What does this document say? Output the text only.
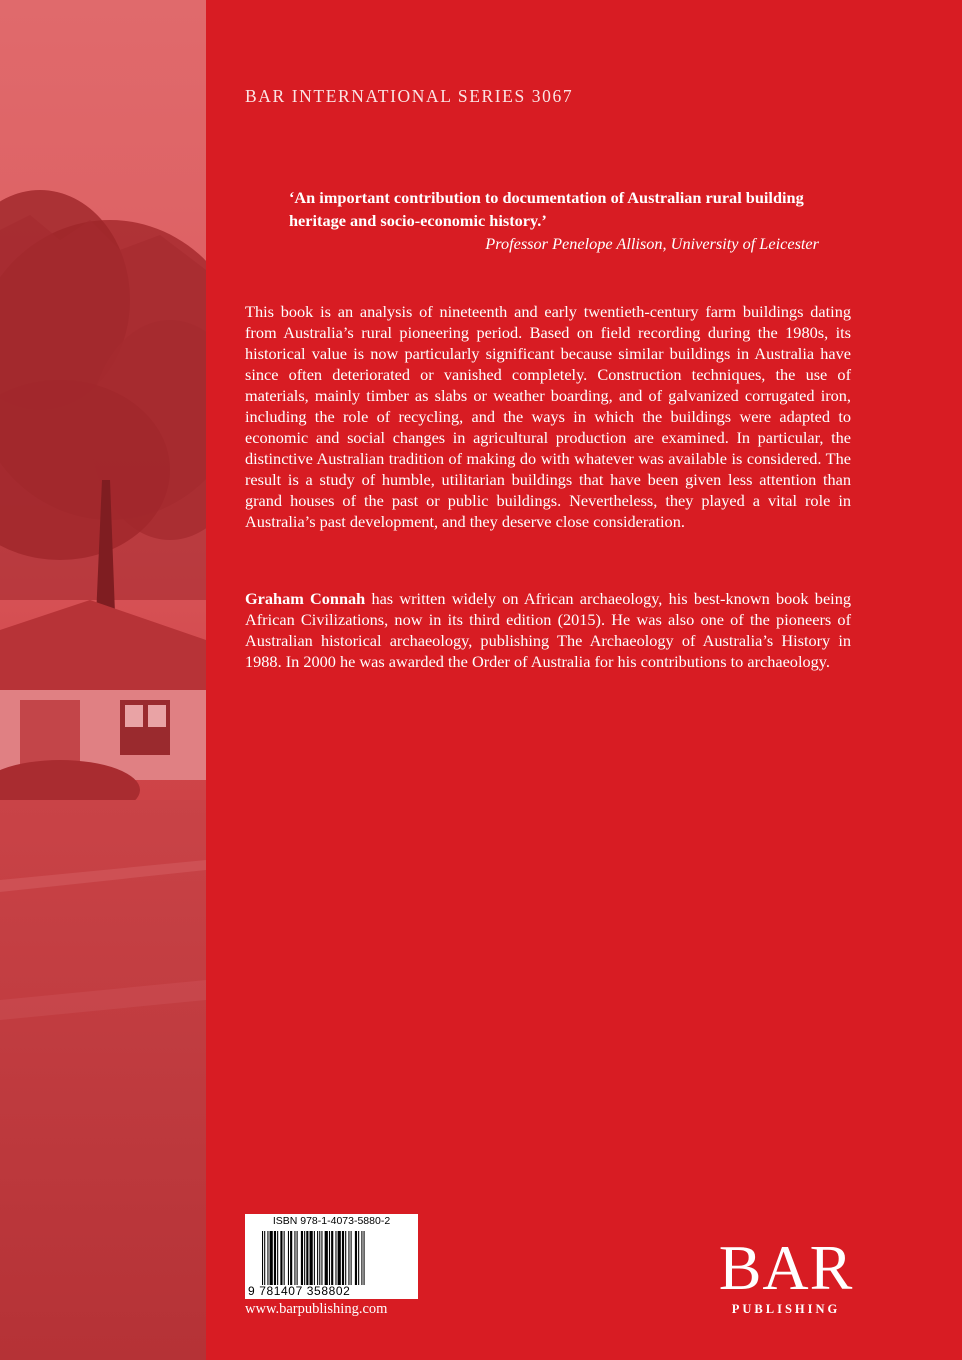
BAR INTERNATIONAL SERIES 3067
‘An important contribution to documentation of Australian rural building heritage and socio-economic history.’
Professor Penelope Allison, University of Leicester
This book is an analysis of nineteenth and early twentieth-century farm buildings dating from Australia’s rural pioneering period. Based on field recording during the 1980s, its historical value is now particularly significant because similar buildings in Australia have since often deteriorated or vanished completely. Construction techniques, the use of materials, mainly timber as slabs or weather boarding, and of galvanized corrugated iron, including the role of recycling, and the ways in which the buildings were adapted to economic and social changes in agricultural production are examined. In particular, the distinctive Australian tradition of making do with whatever was available is considered. The result is a study of humble, utilitarian buildings that have been given less attention than grand houses of the past or public buildings. Nevertheless, they played a vital role in Australia’s past development, and they deserve close consideration.
Graham Connah has written widely on African archaeology, his best-known book being African Civilizations, now in its third edition (2015). He was also one of the pioneers of Australian historical archaeology, publishing The Archaeology of Australia’s History in 1988. In 2000 he was awarded the Order of Australia for his contributions to archaeology.
ISBN 978-1-4073-5880-2
9 781407 358802
www.barpublishing.com
BAR
PUBLISHING
